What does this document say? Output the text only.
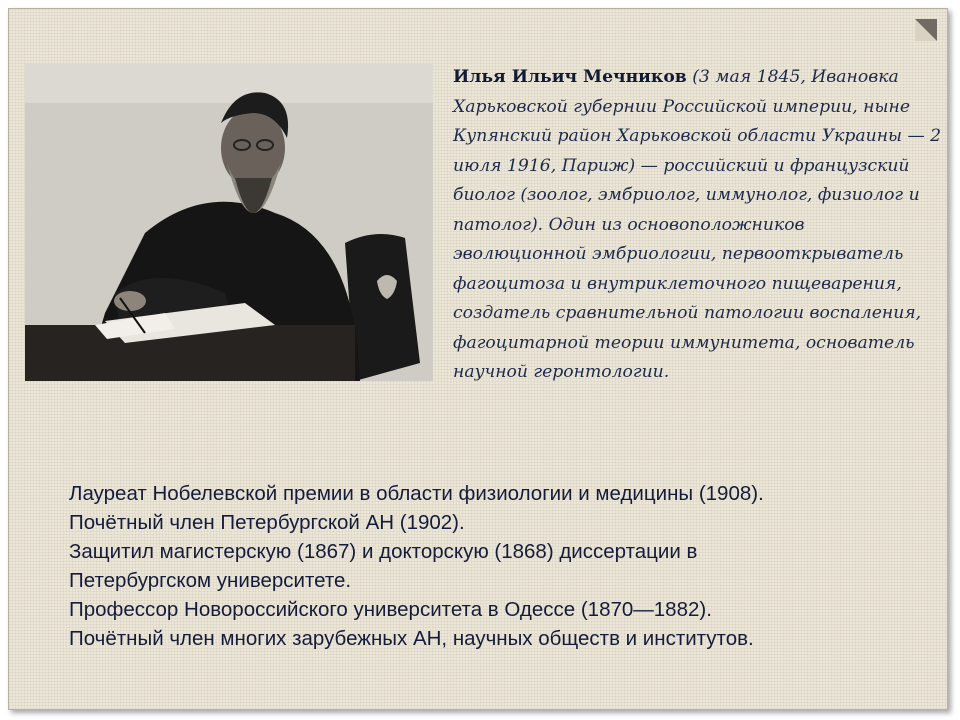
Илья Ильич Мечников (3 мая 1845, Ивановка Харьковской губернии Российской империи, ныне Купянский район Харьковской области Украины — 2 июля 1916, Париж) — российский и французский биолог (зоолог, эмбриолог, иммунолог, физиолог и патолог). Один из основоположников эволюционной эмбриологии, первооткрыватель фагоцитоза и внутриклеточного пищеварения, создатель сравнительной патологии воспаления, фагоцитарной теории иммунитета, основатель научной геронтологии.
Лауреат Нобелевской премии в области физиологии и медицины (1908).
Почётный член Петербургской АН (1902).
Защитил магистерскую (1867) и докторскую (1868) диссертации в
Петербургском университете.
Профессор Новороссийского университета в Одессе (1870—1882).
Почётный член многих зарубежных АН, научных обществ и институтов.
